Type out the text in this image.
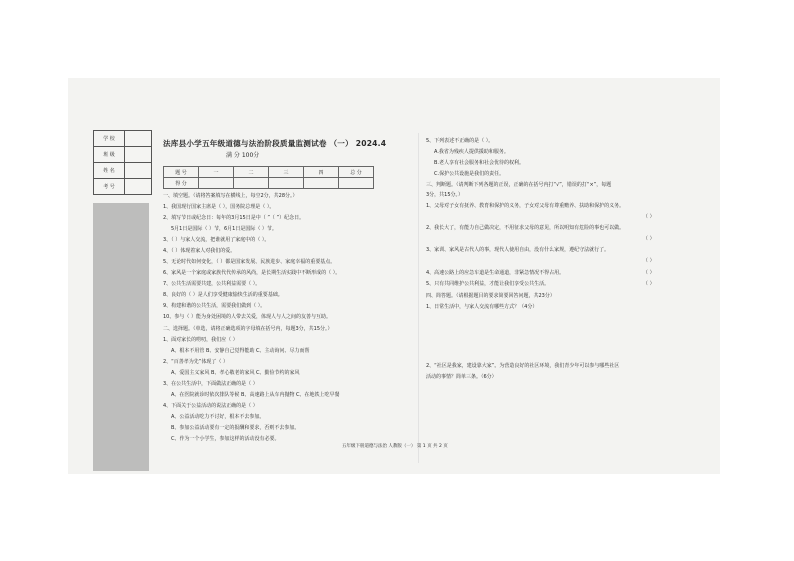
学 校	
班 级	
姓 名	
考 号	
法库县小学五年级道德与法治阶段质量监测试卷 （一） 2024.4
满 分 100分
题 号	一	二	三	四	总 分
得 分					
一、填空题。（请将答案填写在横线上，每空2分，共28分。）
1、我国现行国家主席是（ ），国务院总理是（ ）。
2、填写节日或纪念日：每年的3月15日是中（ ”（ ”）纪念日。
5月1日是国际（ ）节，6月1日是国际（ ）节。
3、（ ）与家人交流，把谁就用了家庭中的（ ）。
4、（ ）体现着家人对我们的爱。
5、无论时代如何变化，（ ）都是国家发展、民族进步、家庭幸福的重要基点。
6、家风是一个家庭或家族代代传承的风尚，是长期生活实践中不断形成的（ ）。
7、公共生活需要共建，公共利益需要（ ）。
8、良好的（ ）是人们享受健康愉快生活的重要基础。
9、构建和谐的公共生活，需要我们做到（ ）。
10、参与（ ）能为身处困境的人带去关爱，体现人与人之间的友善与互助。
二、选择题。（单选，请将正确选项的字母填在括号内，每题3分，共15分。）
1、面对家长的唠叨，我们应（ ）
A、根本不用管 B、安静自己觉得能助 C、主动询问、尽力而帮
2、“百善孝为先”体现了（ ）
A、爱国主义家风 B、孝心敬老的家风 C、勤俭节约的家风
3、在公共生活中，下面做法正确的是（ ）
A、在医院就诊时依次排队等候 B、高速路上从车内抛物 C、在地铁上吃早餐
4、下面关于公益活动的说法正确的是（ ）
A、公益活动吃力不讨好，根本不去参加。
B、参加公益活动要有一定的报酬和要求，否则不去参加。
C、作为一个小学生，参加这样的活动没有必要。
5、下列表述不正确的是（ ）。
A.我省为残疾人提供援助和服务。
B.老人享有社会服务和社会优待的权利。
C.保护公共设施是我们的责任。
三、判断题。（请判断下列各题的正误，正确的在括号内打“√”，错误的打“×”，每题
3分，共15分。）
1、父母对子女有抚养、教育和保护的义务，子女对父母有尊重赡养、扶助和保护的义务。
（ ）
2、我长大了，有能力自己做决定，不用征求父母的意见，所以明知有危险的事也可以做。
（ ）
3、家训、家风是古代人的事，现代人使用自由，没有什么家规，遵纪守法就行了。
（ ）
4、高速公路上的应急车道是生命通道，非紧急情况不得占用。	（ ）
5、只有共同维护公共利益，才能让我们享受公共生活。	（ ）
四、简答题。（请根据题目的要求简要回答问题，共23分）
1、日常生活中，与家人交流有哪些方式？（4分）
2、“社区是我家，建设靠大家”。为营造良好的社区环境，我们青少年可以参与哪些社区
活动的事情？简单三条。（6分）
五年级下册道德与法治 人教版（一） 第 1 页 共 2 页
